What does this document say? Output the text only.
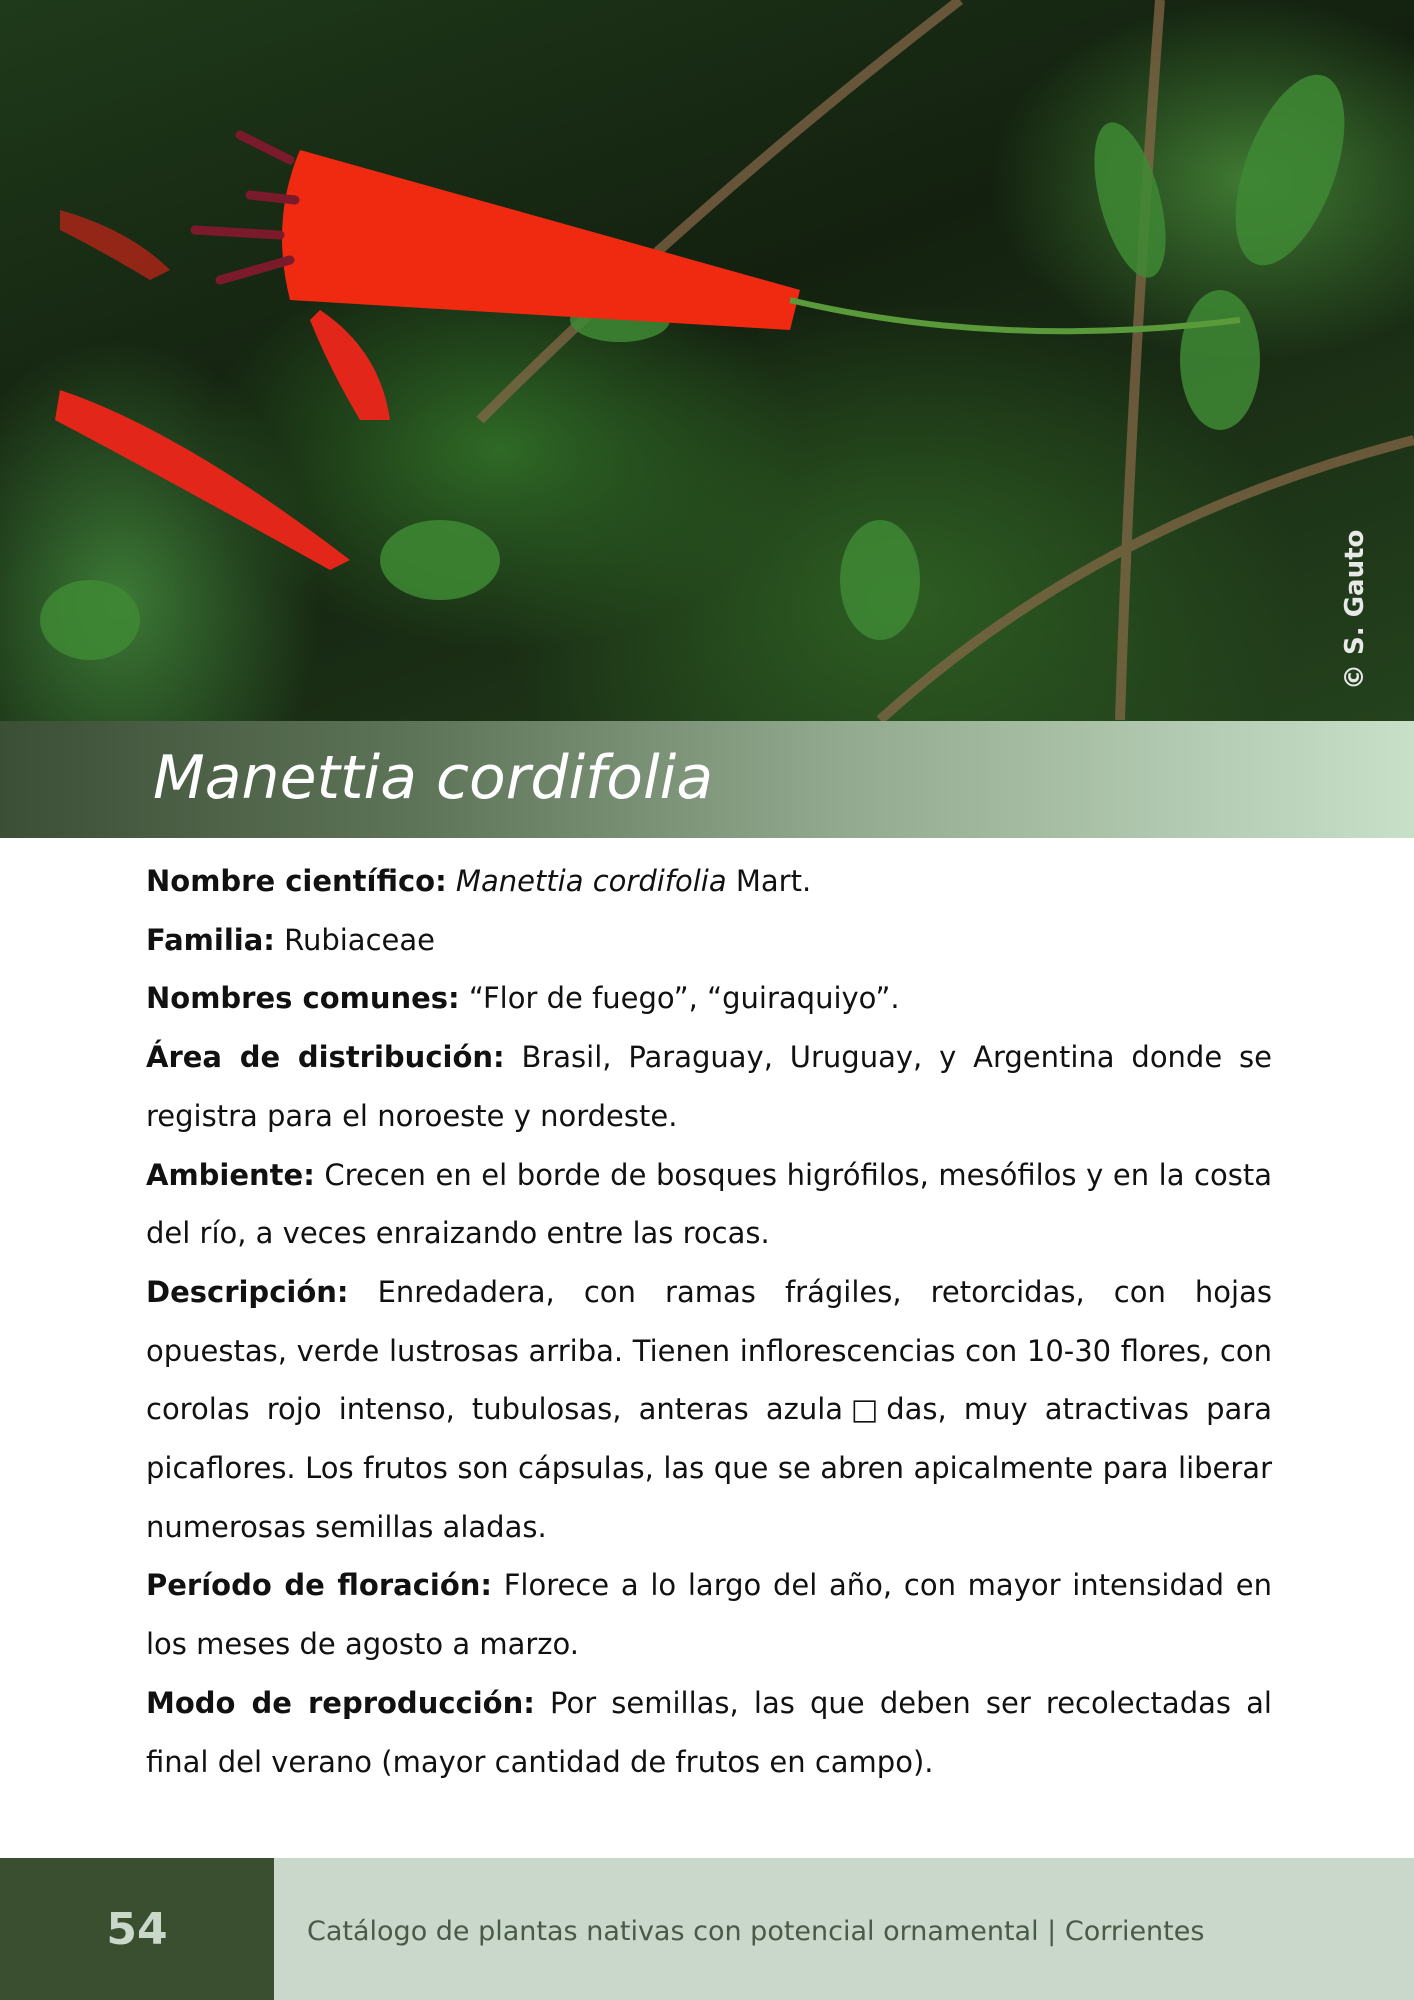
© S. Gauto
Manettia cordifolia

Nombre científico: Manettia cordifolia Mart.

Familia: Rubiaceae

Nombres comunes: “Flor de fuego”, “guiraquiyo”.

Área de distribución: Brasil, Paraguay, Uruguay, y Argentina donde se registra para el noroeste y nordeste.

Ambiente: Crecen en el borde de bosques higrófilos, mesófilos y en la costa del río, a veces enraizando entre las rocas.

Descripción: Enredadera, con ramas frágiles, retorcidas, con hojas opuestas, verde lustrosas arriba. Tienen inflorescencias con 10-30 flores, con corolas rojo intenso, tubulosas, anteras azula□das, muy atractivas para picaflores. Los frutos son cápsulas, las que se abren apicalmente para liberar numerosas semillas aladas.

Período de floración: Florece a lo largo del año, con mayor intensidad en los meses de agosto a marzo.

Modo de reproducción: Por semillas, las que deben ser recolectadas al final del verano (mayor cantidad de frutos en campo).

54	Catálogo de plantas nativas con potencial ornamental | Corrientes
